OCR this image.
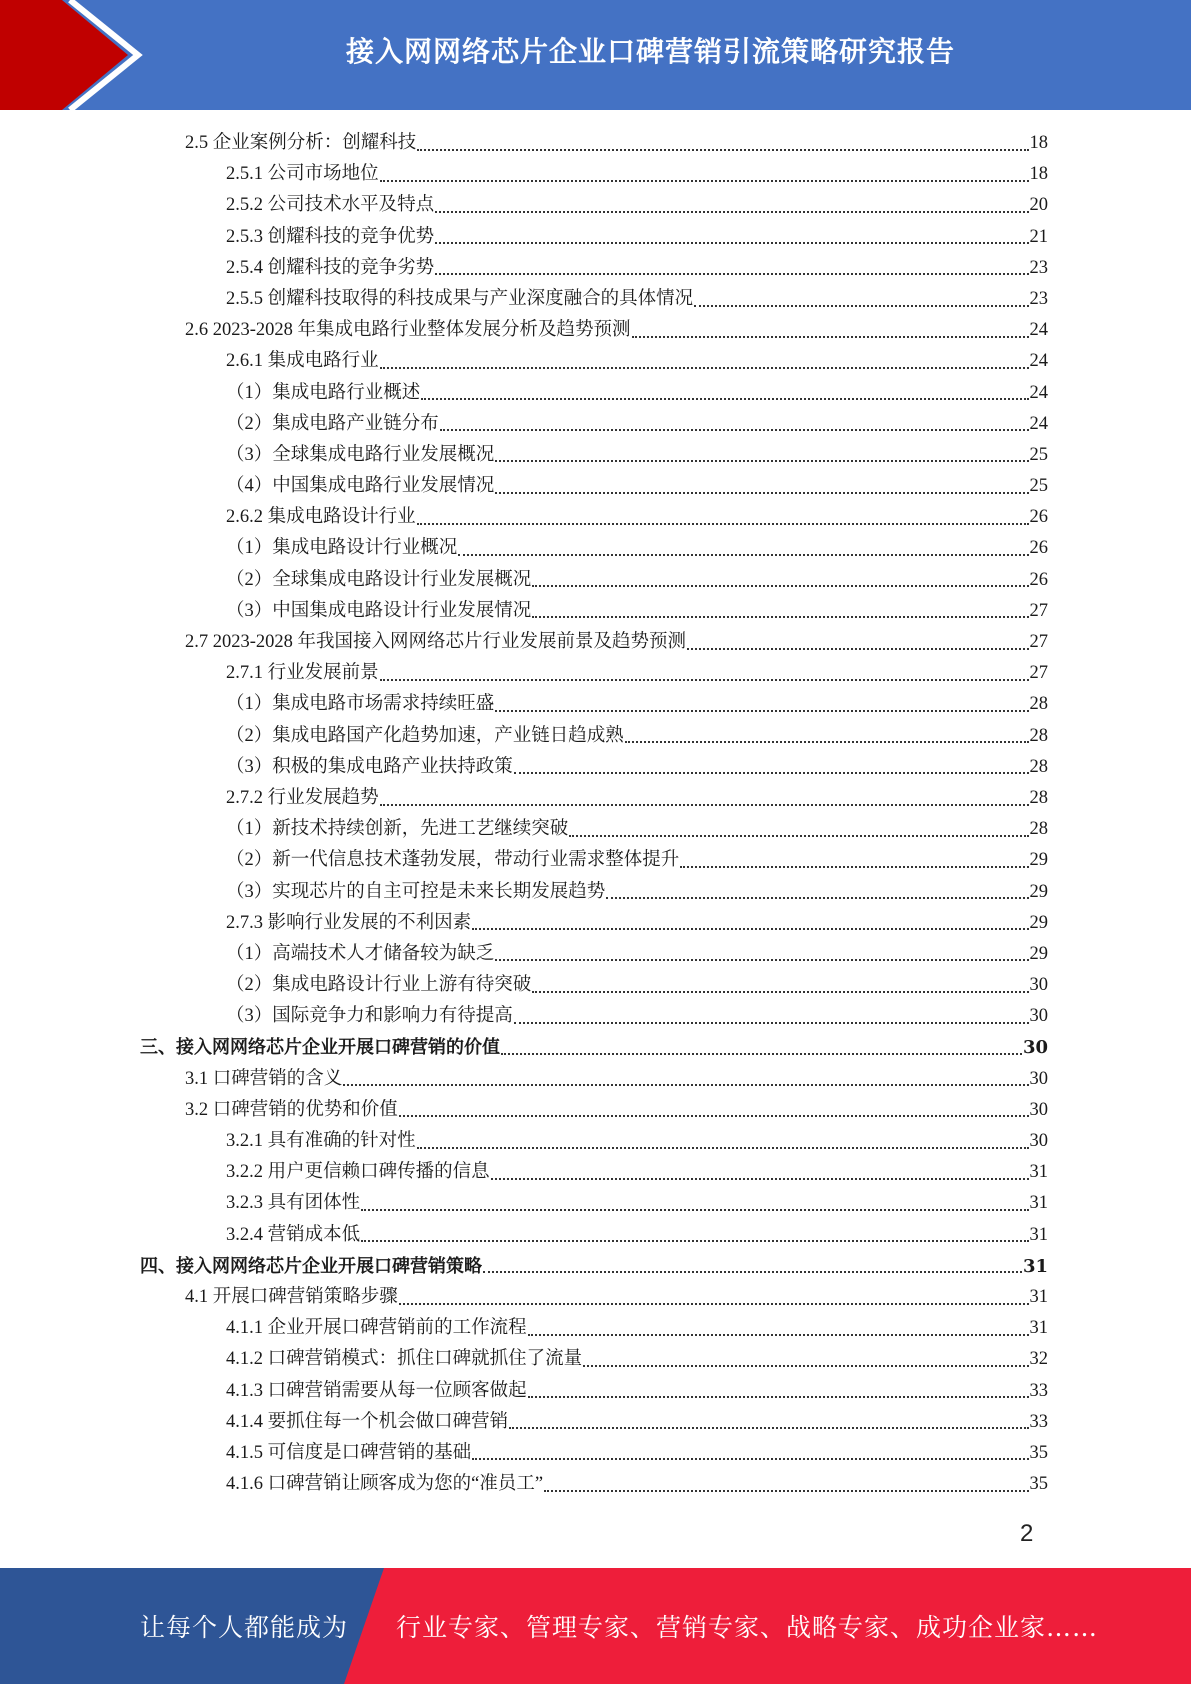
接入网网络芯片企业口碑营销引流策略研究报告
2.5 企业案例分析：创耀科技	18
2.5.1 公司市场地位	18
2.5.2 公司技术水平及特点	20
2.5.3 创耀科技的竞争优势	21
2.5.4 创耀科技的竞争劣势	23
2.5.5 创耀科技取得的科技成果与产业深度融合的具体情况	23
2.6 2023-2028 年集成电路行业整体发展分析及趋势预测	24
2.6.1 集成电路行业	24
（1）集成电路行业概述	24
（2）集成电路产业链分布	24
（3）全球集成电路行业发展概况	25
（4）中国集成电路行业发展情况	25
2.6.2 集成电路设计行业	26
（1）集成电路设计行业概况	26
（2）全球集成电路设计行业发展概况	26
（3）中国集成电路设计行业发展情况	27
2.7 2023-2028 年我国接入网网络芯片行业发展前景及趋势预测	27
2.7.1 行业发展前景	27
（1）集成电路市场需求持续旺盛	28
（2）集成电路国产化趋势加速，产业链日趋成熟	28
（3）积极的集成电路产业扶持政策	28
2.7.2 行业发展趋势	28
（1）新技术持续创新，先进工艺继续突破	28
（2）新一代信息技术蓬勃发展，带动行业需求整体提升	29
（3）实现芯片的自主可控是未来长期发展趋势	29
2.7.3 影响行业发展的不利因素	29
（1）高端技术人才储备较为缺乏	29
（2）集成电路设计行业上游有待突破	30
（3）国际竞争力和影响力有待提高	30
三、接入网网络芯片企业开展口碑营销的价值	30
3.1 口碑营销的含义	30
3.2 口碑营销的优势和价值	30
3.2.1 具有准确的针对性	30
3.2.2 用户更信赖口碑传播的信息	31
3.2.3 具有团体性	31
3.2.4 营销成本低	31
四、接入网网络芯片企业开展口碑营销策略	31
4.1 开展口碑营销策略步骤	31
4.1.1 企业开展口碑营销前的工作流程	31
4.1.2 口碑营销模式：抓住口碑就抓住了流量	32
4.1.3 口碑营销需要从每一位顾客做起	33
4.1.4 要抓住每一个机会做口碑营销	33
4.1.5 可信度是口碑营销的基础	35
4.1.6 口碑营销让顾客成为您的“准员工”	35
2
让每个人都能成为 行业专家、管理专家、营销专家、战略专家、成功企业家……
